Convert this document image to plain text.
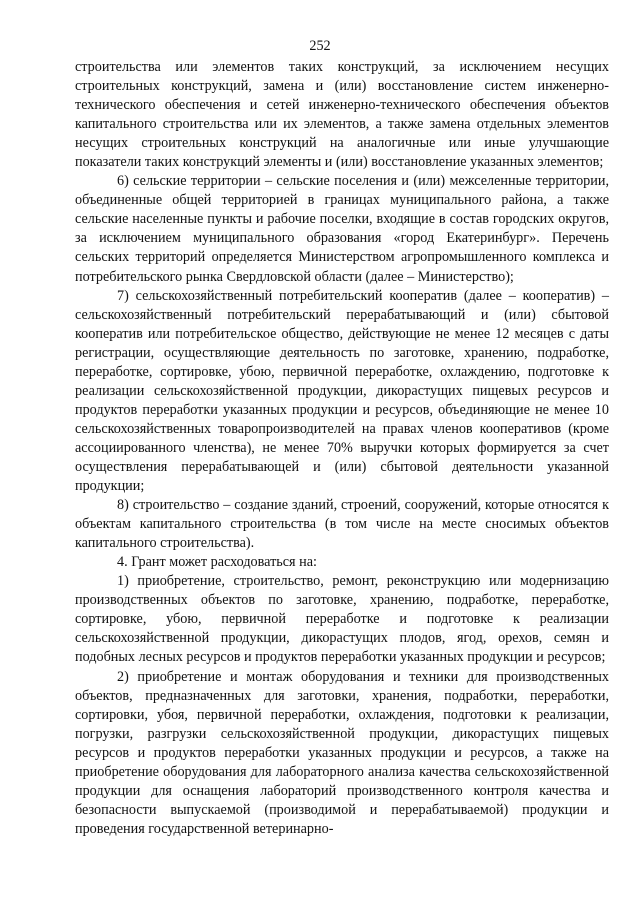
252

строительства или элементов таких конструкций, за исключением несущих строительных конструкций, замена и (или) восстановление систем инженерно-технического обеспечения и сетей инженерно-технического обеспечения объектов капитального строительства или их элементов, а также замена отдельных элементов несущих строительных конструкций на аналогичные или иные улучшающие показатели таких конструкций элементы и (или) восстановление указанных элементов;

6) сельские территории – сельские поселения и (или) межселенные территории, объединенные общей территорией в границах муниципального района, а также сельские населенные пункты и рабочие поселки, входящие в состав городских округов, за исключением муниципального образования «город Екатеринбург». Перечень сельских территорий определяется Министерством агропромышленного комплекса и потребительского рынка Свердловской области (далее – Министерство);

7) сельскохозяйственный потребительский кооператив (далее – кооператив) – сельскохозяйственный потребительский перерабатывающий и (или) сбытовой кооператив или потребительское общество, действующие не менее 12 месяцев с даты регистрации, осуществляющие деятельность по заготовке, хранению, подработке, переработке, сортировке, убою, первичной переработке, охлаждению, подготовке к реализации сельскохозяйственной продукции, дикорастущих пищевых ресурсов и продуктов переработки указанных продукции и ресурсов, объединяющие не менее 10 сельскохозяйственных товаропроизводителей на правах членов кооперативов (кроме ассоциированного членства), не менее 70% выручки которых формируется за счет осуществления перерабатывающей и (или) сбытовой деятельности указанной продукции;

8) строительство – создание зданий, строений, сооружений, которые относятся к объектам капитального строительства (в том числе на месте сносимых объектов капитального строительства).

4. Грант может расходоваться на:

1) приобретение, строительство, ремонт, реконструкцию или модернизацию производственных объектов по заготовке, хранению, подработке, переработке, сортировке, убою, первичной переработке и подготовке к реализации сельскохозяйственной продукции, дикорастущих плодов, ягод, орехов, семян и подобных лесных ресурсов и продуктов переработки указанных продукции и ресурсов;

2) приобретение и монтаж оборудования и техники для производственных объектов, предназначенных для заготовки, хранения, подработки, переработки, сортировки, убоя, первичной переработки, охлаждения, подготовки к реализации, погрузки, разгрузки сельскохозяйственной продукции, дикорастущих пищевых ресурсов и продуктов переработки указанных продукции и ресурсов, а также на приобретение оборудования для лабораторного анализа качества сельскохозяйственной продукции для оснащения лабораторий производственного контроля качества и безопасности выпускаемой (производимой и перерабатываемой) продукции и проведения государственной ветеринарно-
